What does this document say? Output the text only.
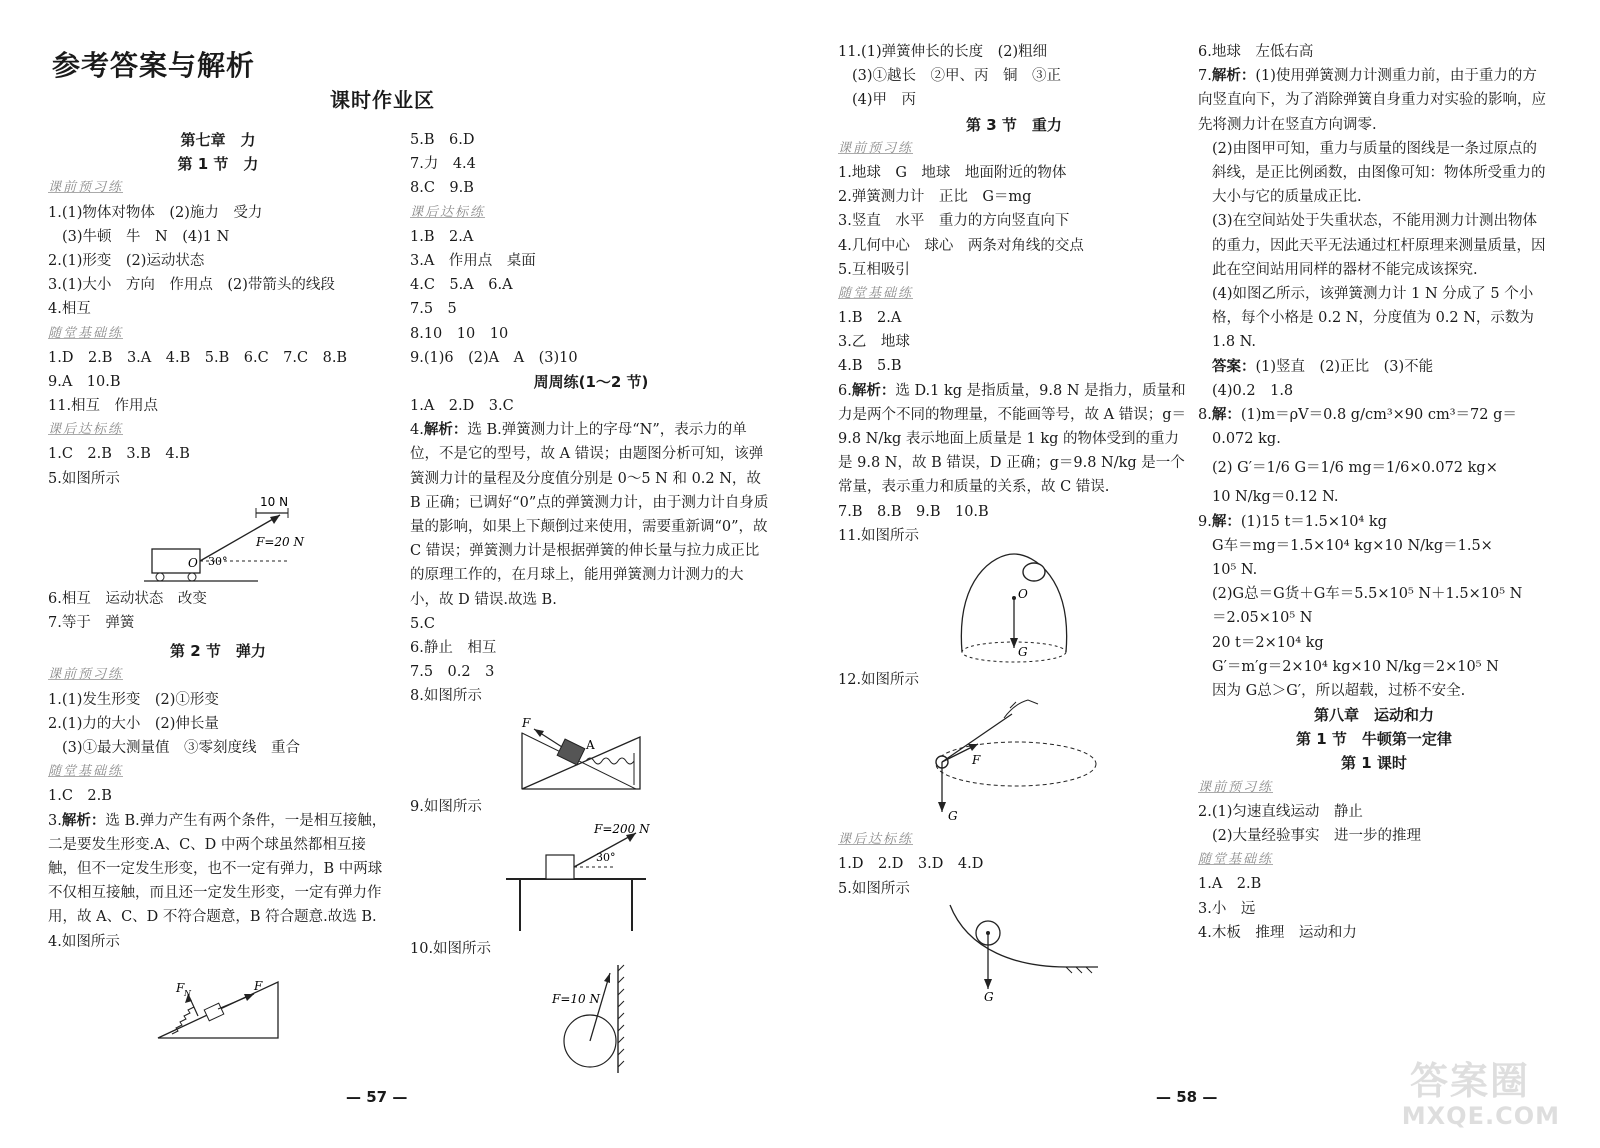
参考答案与解析
课时作业区
第七章　力
第 1 节　力
课前预习练
1.(1)物体对物体　(2)施力　受力
(3)牛顿　牛　N　(4)1 N
2.(1)形变　(2)运动状态
3.(1)大小　方向　作用点　(2)带箭头的线段
4.相互
随堂基础练
1.D　2.B　3.A　4.B　5.B　6.C　7.C　8.B
9.A　10.B
11.相互　作用点
课后达标练
1.C　2.B　3.B　4.B
5.如图所示
10 N
F=20 N
O 30°
6.相互　运动状态　改变
7.等于　弹簧
第 2 节　弹力
课前预习练
1.(1)发生形变　(2)①形变
2.(1)力的大小　(2)伸长量
(3)①最大测量值　③零刻度线　重合
随堂基础练
1.C　2.B
3.解析：选 B.弹力产生有两个条件，一是相互接触，二是要发生形变.A、C、D 中两个球虽然都相互接触，但不一定发生形变，也不一定有弹力，B 中两球不仅相互接触，而且还一定发生形变，一定有弹力作用，故 A、C、D 不符合题意，B 符合题意.故选 B.
4.如图所示
F N
F
5.B　6.D
7.力　4.4
8.C　9.B
课后达标练
1.B　2.A
3.A　作用点　桌面
4.C　5.A　6.A
7.5　5
8.10　10　10
9.(1)6　(2)A　A　(3)10
周周练(1～2 节)
1.A　2.D　3.C
4.解析：选 B.弹簧测力计上的字母“N”，表示力的单位，不是它的型号，故 A 错误；由题图分析可知，该弹簧测力计的量程及分度值分别是 0～5 N 和 0.2 N，故 B 正确；已调好“0”点的弹簧测力计，由于测力计自身质量的影响，如果上下颠倒过来使用，需要重新调“0”，故 C 错误；弹簧测力计是根据弹簧的伸长量与拉力成正比的原理工作的，在月球上，能用弹簧测力计测力的大小，故 D 错误.故选 B.
5.C
6.静止　相互
7.5　0.2　3
8.如图所示
F
A
9.如图所示
F=200 N
30°
10.如图所示
F=10 N
— 57 —
11.(1)弹簧伸长的长度　(2)粗细
(3)①越长　②甲、丙　铜　③正
(4)甲　丙
第 3 节　重力
课前预习练
1.地球　G　地球　地面附近的物体
2.弹簧测力计　正比　G＝mg
3.竖直　水平　重力的方向竖直向下
4.几何中心　球心　两条对角线的交点
5.互相吸引
随堂基础练
1.B　2.A
3.乙　地球
4.B　5.B
6.解析：选 D.1 kg 是指质量，9.8 N 是指力，质量和力是两个不同的物理量，不能画等号，故 A 错误；g＝9.8 N/kg 表示地面上质量是 1 kg 的物体受到的重力是 9.8 N，故 B 错误，D 正确；g＝9.8 N/kg 是一个常量，表示重力和质量的关系，故 C 错误.
7.B　8.B　9.B　10.B
11.如图所示
O
G
12.如图所示
F
G
课后达标练
1.D　2.D　3.D　4.D
5.如图所示
G
6.地球　左低右高
7.解析：(1)使用弹簧测力计测重力前，由于重力的方向竖直向下，为了消除弹簧自身重力对实验的影响，应先将测力计在竖直方向调零.
(2)由图甲可知，重力与质量的图线是一条过原点的斜线，是正比例函数，由图像可知：物体所受重力的大小与它的质量成正比.
(3)在空间站处于失重状态，不能用测力计测出物体的重力，因此天平无法通过杠杆原理来测量质量，因此在空间站用同样的器材不能完成该探究.
(4)如图乙所示，该弹簧测力计 1 N 分成了 5 个小格，每个小格是 0.2 N，分度值为 0.2 N，示数为 1.8 N.
答案：(1)竖直　(2)正比　(3)不能
(4)0.2　1.8
8.解：(1)m＝ρV＝0.8 g/cm³×90 cm³＝72 g＝
0.072 kg.
(2) G′＝1/6 G＝1/6 mg＝1/6×0.072 kg×
10 N/kg＝0.12 N.
9.解：(1)15 t＝1.5×10⁴ kg
G车＝mg＝1.5×10⁴ kg×10 N/kg＝1.5×
10⁵ N.
(2)G总＝G货＋G车＝5.5×10⁵ N＋1.5×10⁵ N
＝2.05×10⁵ N
20 t＝2×10⁴ kg
G′＝m′g＝2×10⁴ kg×10 N/kg＝2×10⁵ N
因为 G总＞G′，所以超载，过桥不安全.
第八章　运动和力
第 1 节　牛顿第一定律
第 1 课时
课前预习练
2.(1)匀速直线运动　静止
(2)大量经验事实　进一步的推理
随堂基础练
1.A　2.B
3.小　远
4.木板　推理　运动和力
— 58 —	答案圈
MXQE.COM
